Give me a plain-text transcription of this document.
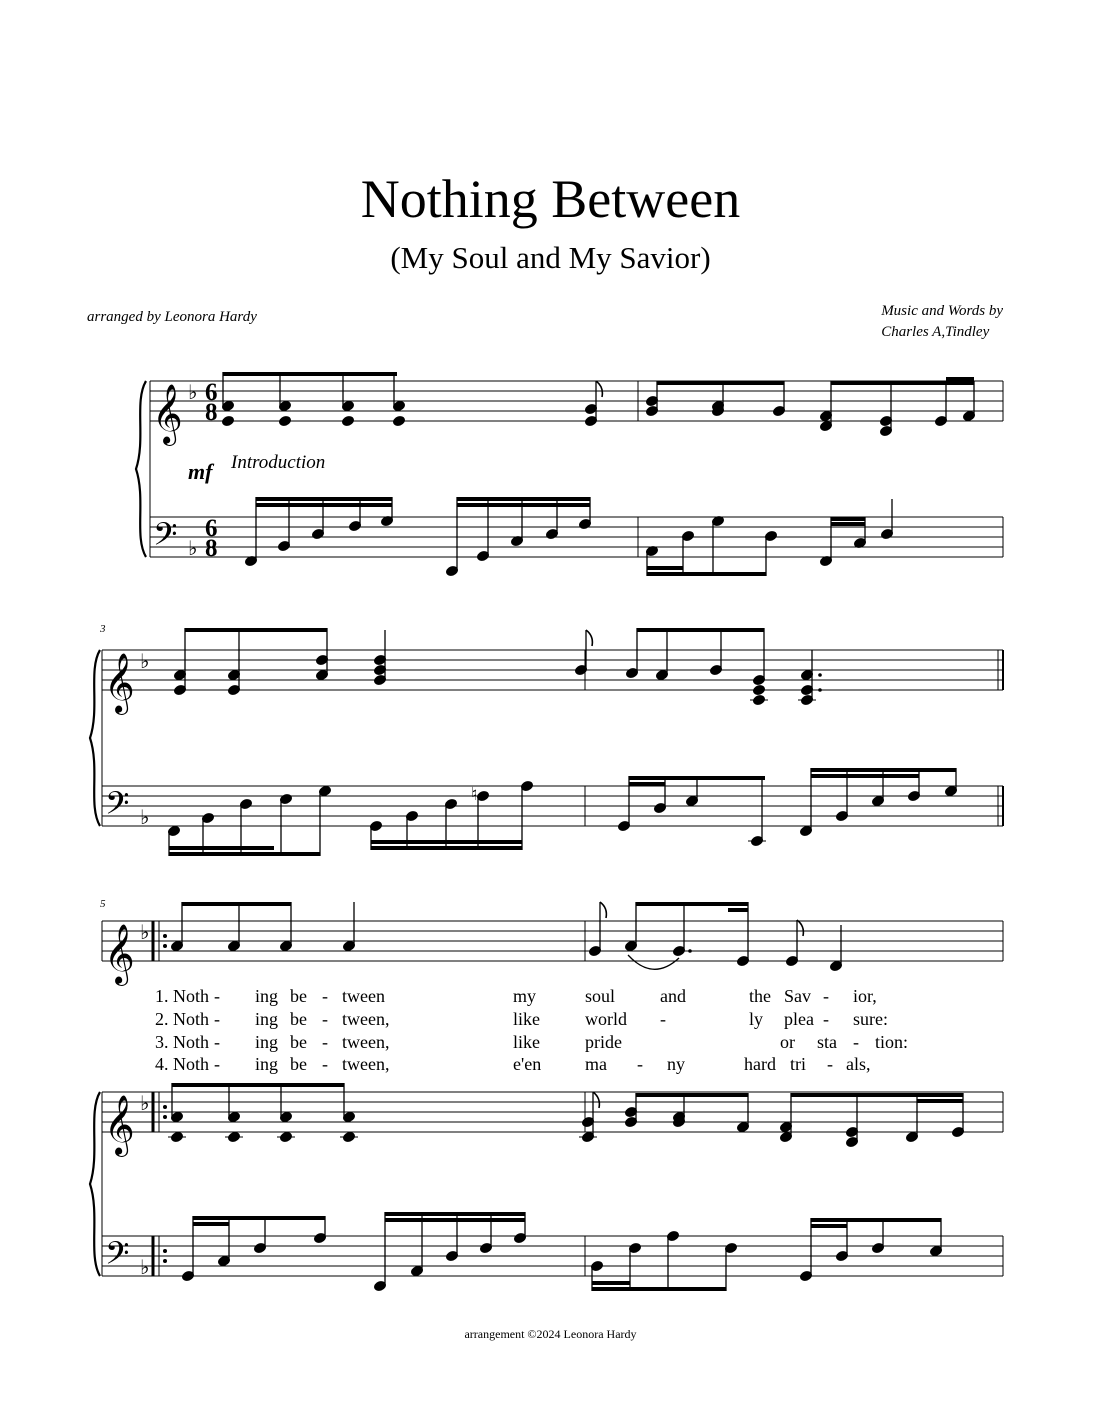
Nothing Between
(My Soul and My Savior)
arranged by Leonora Hardy	Music and Words by
Charles A,Tindley
𝄞
𝄢
♭
♭
6
8
6
8
𝄞
𝄢
♭
♭
♮
𝄞 ♭
𝄞
𝄢
♭
♭
mf Introduction
3
5
1. Noth - ing be - tween	my	soul and	the Sav - ior,
2. Noth - ing be - tween,	like	world -	ly plea - sure:
3. Noth - ing be - tween,	like	pride	or sta - tion:
4. Noth - ing be - tween,	e'en ma - ny	hard tri - als,
arrangement ©2024 Leonora Hardy
